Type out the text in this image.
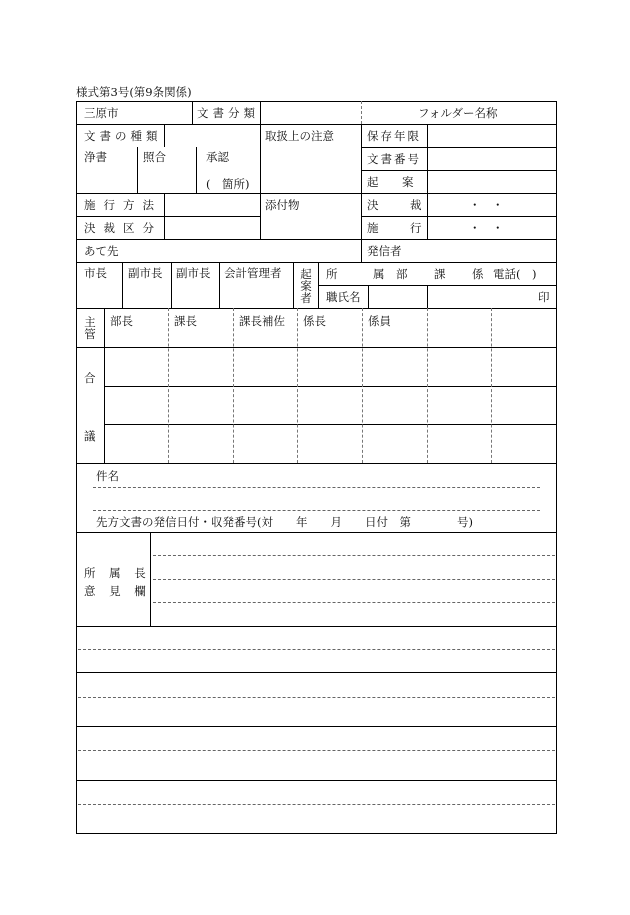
様式第3号(第9条関係)
三原市	文書分類	フォルダー名称
文書の種類	取扱上の注意	保存年限
浄書	照合	承認
(　箇所)
文書番号
起　案
施行方法	添付物	決　裁	・　・
決裁区分	施　行	・　・
あて先	発信者
市長 副市長 副市長 会計管理者 起案者
所　属 部 課 係 電話(　)
職氏名	印
主管
部長	課長	課長補佐 係長	係員
合
議
件名
先方文書の発信日付・収発番号(対　　年　　月　　日付　第　　　　号)
所 属 長
意 見 欄
